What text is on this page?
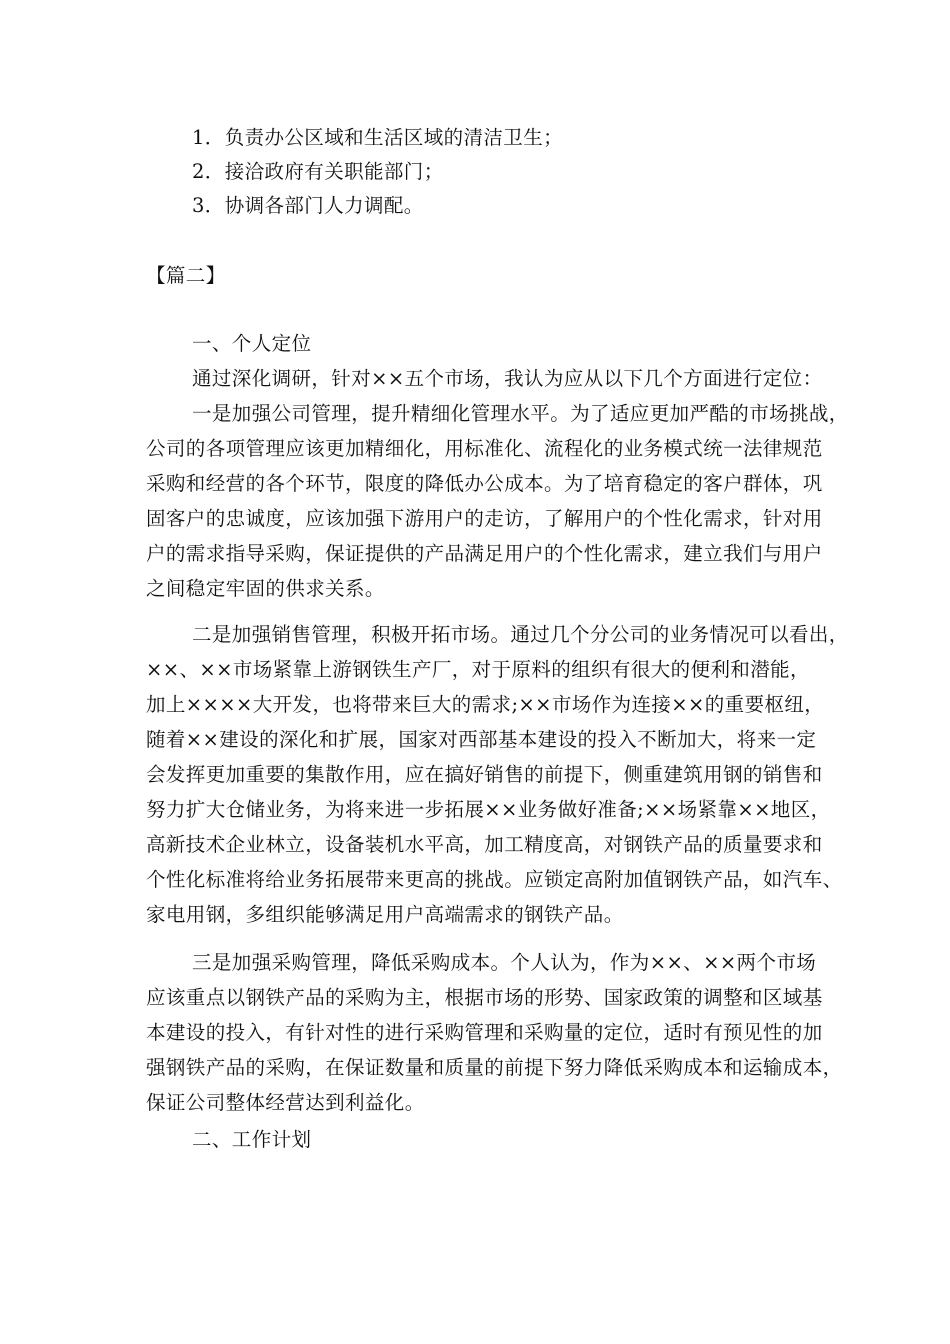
1．负责办公区域和生活区域的清洁卫生；

2．接洽政府有关职能部门；

3．协调各部门人力调配。

【篇二】

一、个人定位

通过深化调研，针对××五个市场，我认为应从以下几个方面进行定位：

一是加强公司管理，提升精细化管理水平。为了适应更加严酷的市场挑战，

公司的各项管理应该更加精细化，用标准化、流程化的业务模式统一法律规范

采购和经营的各个环节，限度的降低办公成本。为了培育稳定的客户群体，巩

固客户的忠诚度，应该加强下游用户的走访，了解用户的个性化需求，针对用

户的需求指导采购，保证提供的产品满足用户的个性化需求，建立我们与用户

之间稳定牢固的供求关系。

二是加强销售管理，积极开拓市场。通过几个分公司的业务情况可以看出，

××、××市场紧靠上游钢铁生产厂，对于原料的组织有很大的便利和潜能，

加上××××大开发，也将带来巨大的需求;××市场作为连接××的重要枢纽，

随着××建设的深化和扩展，国家对西部基本建设的投入不断加大，将来一定

会发挥更加重要的集散作用，应在搞好销售的前提下，侧重建筑用钢的销售和

努力扩大仓储业务，为将来进一步拓展××业务做好准备;××场紧靠××地区，

高新技术企业林立，设备装机水平高，加工精度高，对钢铁产品的质量要求和

个性化标准将给业务拓展带来更高的挑战。应锁定高附加值钢铁产品，如汽车、

家电用钢，多组织能够满足用户高端需求的钢铁产品。

三是加强采购管理，降低采购成本。个人认为，作为××、××两个市场

应该重点以钢铁产品的采购为主，根据市场的形势、国家政策的调整和区域基

本建设的投入，有针对性的进行采购管理和采购量的定位，适时有预见性的加

强钢铁产品的采购，在保证数量和质量的前提下努力降低采购成本和运输成本，

保证公司整体经营达到利益化。

二、工作计划
